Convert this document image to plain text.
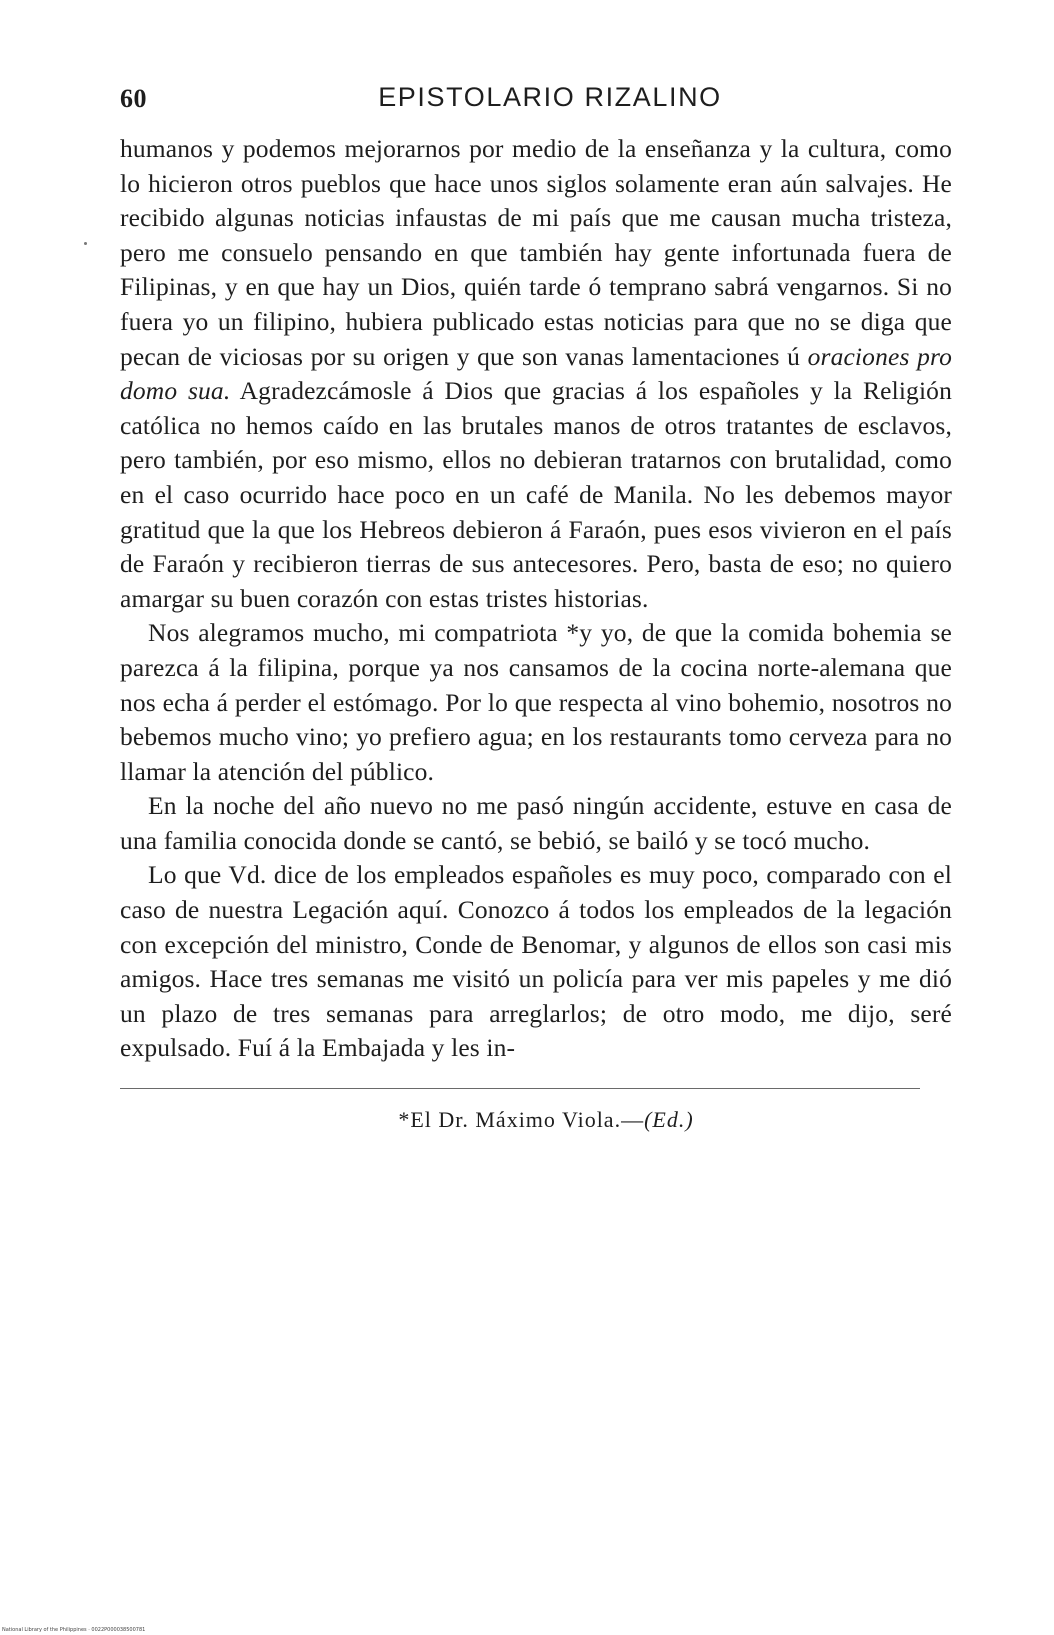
60	EPISTOLARIO RIZALINO

humanos y podemos mejorarnos por medio de la enseñanza y la cultura, como lo hicieron otros pueblos que hace unos siglos solamente eran aún salvajes. He recibido algunas noticias infaustas de mi país que me causan mucha tristeza, pero me consuelo pensando en que también hay gente infortunada fuera de Filipinas, y en que hay un Dios, quién tarde ó temprano sabrá vengarnos. Si no fuera yo un filipino, hubiera publicado estas noticias para que no se diga que pecan de viciosas por su origen y que son vanas lamentaciones ú oraciones pro domo sua. Agradezcámosle á Dios que gracias á los españoles y la Religión católica no hemos caído en las brutales manos de otros tratantes de esclavos, pero también, por eso mismo, ellos no debieran tratarnos con brutalidad, como en el caso ocurrido hace poco en un café de Manila. No les debemos mayor gratitud que la que los Hebreos debieron á Faraón, pues esos vivieron en el país de Faraón y recibieron tierras de sus antecesores. Pero, basta de eso; no quiero amargar su buen corazón con estas tristes historias.

Nos alegramos mucho, mi compatriota *y yo, de que la comida bohemia se parezca á la filipina, porque ya nos cansamos de la cocina norte-alemana que nos echa á perder el estómago. Por lo que respecta al vino bohemio, nosotros no bebemos mucho vino; yo prefiero agua; en los restaurants tomo cerveza para no llamar la atención del público.

En la noche del año nuevo no me pasó ningún accidente, estuve en casa de una familia conocida donde se cantó, se bebió, se bailó y se tocó mucho.

Lo que Vd. dice de los empleados españoles es muy poco, comparado con el caso de nuestra Legación aquí. Conozco á todos los empleados de la legación con excepción del ministro, Conde de Benomar, y algunos de ellos son casi mis amigos. Hace tres semanas me visitó un policía para ver mis papeles y me dió un plazo de tres semanas para arreglarlos; de otro modo, me dijo, seré expulsado. Fuí á la Embajada y les in-

*El Dr. Máximo Viola.—(Ed.)
National Library of the Philippines · 0022P000038500781
